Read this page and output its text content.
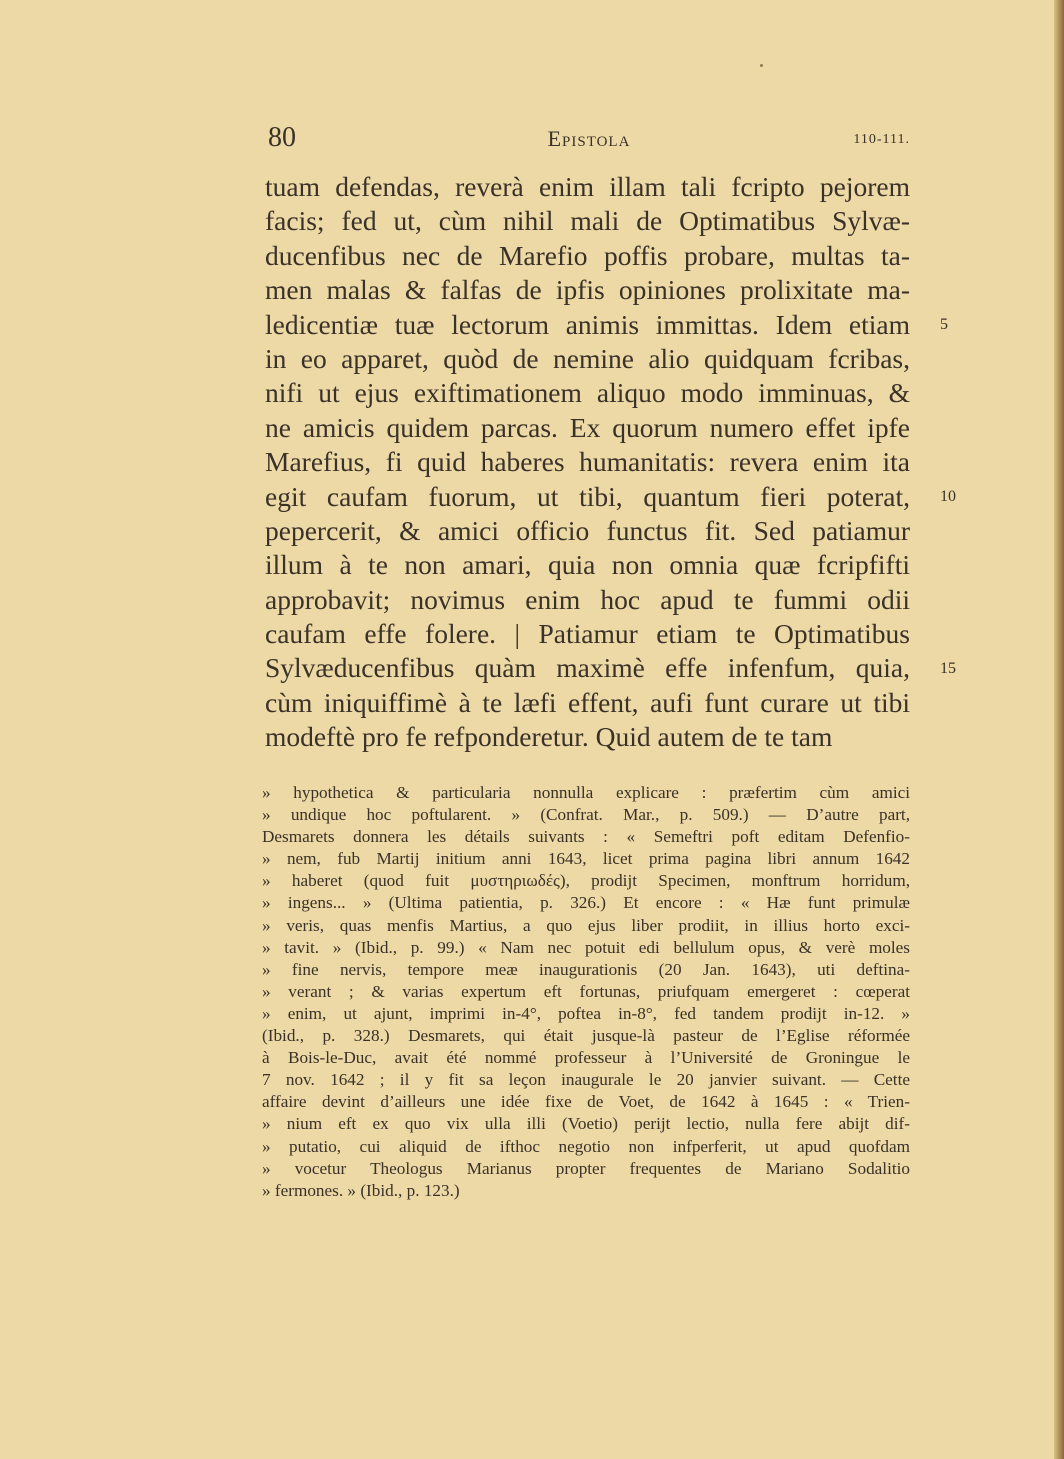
80	Epistola	110-111.
tuam defendas, reverà enim illam tali fcripto pejorem
facis; fed ut, cùm nihil mali de Optimatibus Sylvæ-
ducenfibus nec de Marefio poffis probare, multas ta-
men malas & falfas de ipfis opiniones prolixitate ma-
ledicentiæ tuæ lectorum animis immittas. Idem etiam
in eo apparet, quòd de nemine alio quidquam fcribas,
nifi ut ejus exiftimationem aliquo modo imminuas, &
ne amicis quidem parcas. Ex quorum numero effet ipfe
Marefius, fi quid haberes humanitatis: revera enim ita
egit caufam fuorum, ut tibi, quantum fieri poterat,
pepercerit, & amici officio functus fit. Sed patiamur
illum à te non amari, quia non omnia quæ fcripfifti
approbavit; novimus enim hoc apud te fummi odii
caufam effe folere. | Patiamur etiam te Optimatibus
Sylvæducenfibus quàm maximè effe infenfum, quia,
cùm iniquiffimè à te læfi effent, aufi funt curare ut tibi
modeftè pro fe refponderetur. Quid autem de te tam
5
10
15
» hypothetica & particularia nonnulla explicare : præfertim cùm amici
» undique hoc poftularent. » (Confrat. Mar., p. 509.) — D’autre part,
Desmarets donnera les détails suivants : « Semeftri poft editam Defenfio-
» nem, fub Martij initium anni 1643, licet prima pagina libri annum 1642
» haberet (quod fuit μυστηριωδές), prodijt Specimen, monftrum horridum,
» ingens... » (Ultima patientia, p. 326.) Et encore : « Hæ funt primulæ
» veris, quas menfis Martius, a quo ejus liber prodiit, in illius horto exci-
» tavit. » (Ibid., p. 99.) « Nam nec potuit edi bellulum opus, & verè moles
» fine nervis, tempore meæ inaugurationis (20 Jan. 1643), uti deftina-
» verant ; & varias expertum eft fortunas, priufquam emergeret : cœperat
» enim, ut ajunt, imprimi in-4°, poftea in-8°, fed tandem prodijt in-12. »
(Ibid., p. 328.) Desmarets, qui était jusque-là pasteur de l’Eglise réformée
à Bois-le-Duc, avait été nommé professeur à l’Université de Groningue le
7 nov. 1642 ; il y fit sa leçon inaugurale le 20 janvier suivant. — Cette
affaire devint d’ailleurs une idée fixe de Voet, de 1642 à 1645 : « Trien-
» nium eft ex quo vix ulla illi (Voetio) perijt lectio, nulla fere abijt dif-
» putatio, cui aliquid de ifthoc negotio non infperferit, ut apud quofdam
» vocetur Theologus Marianus propter frequentes de Mariano Sodalitio
» fermones. » (Ibid., p. 123.)
